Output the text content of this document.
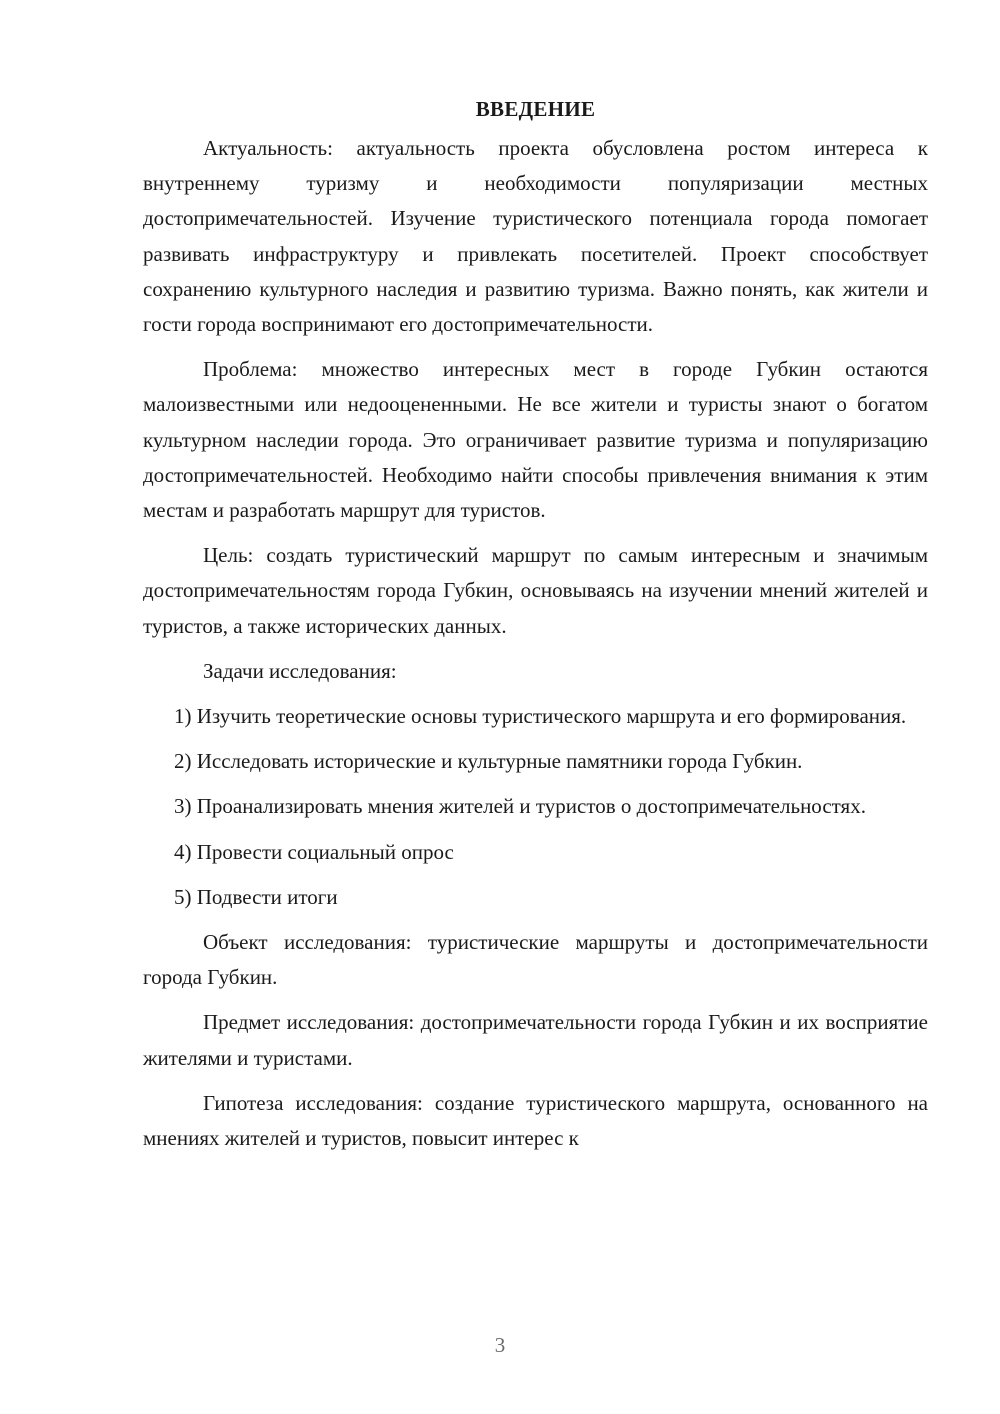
ВВЕДЕНИЕ

Актуальность: актуальность проекта обусловлена ростом интереса к внутреннему туризму и необходимости популяризации местных достопримечательностей. Изучение туристического потенциала города помогает развивать инфраструктуру и привлекать посетителей. Проект способствует сохранению культурного наследия и развитию туризма. Важно понять, как жители и гости города воспринимают его достопримечательности.

Проблема: множество интересных мест в городе Губкин остаются малоизвестными или недооцененными. Не все жители и туристы знают о богатом культурном наследии города. Это ограничивает развитие туризма и популяризацию достопримечательностей. Необходимо найти способы привлечения внимания к этим местам и разработать маршрут для туристов.

Цель: создать туристический маршрут по самым интересным и значимым достопримечательностям города Губкин, основываясь на изучении мнений жителей и туристов, а также исторических данных.

Задачи исследования:

1) Изучить теоретические основы туристического маршрута и его формирования.

2) Исследовать исторические и культурные памятники города Губкин.

3) Проанализировать мнения жителей и туристов о достопримечательностях.

4) Провести социальный опрос

5) Подвести итоги

Объект исследования: туристические маршруты и достопримечательности города Губкин.

Предмет исследования: достопримечательности города Губкин и их восприятие жителями и туристами.

Гипотеза исследования: создание туристического маршрута, основанного на мнениях жителей и туристов, повысит интерес к

3
